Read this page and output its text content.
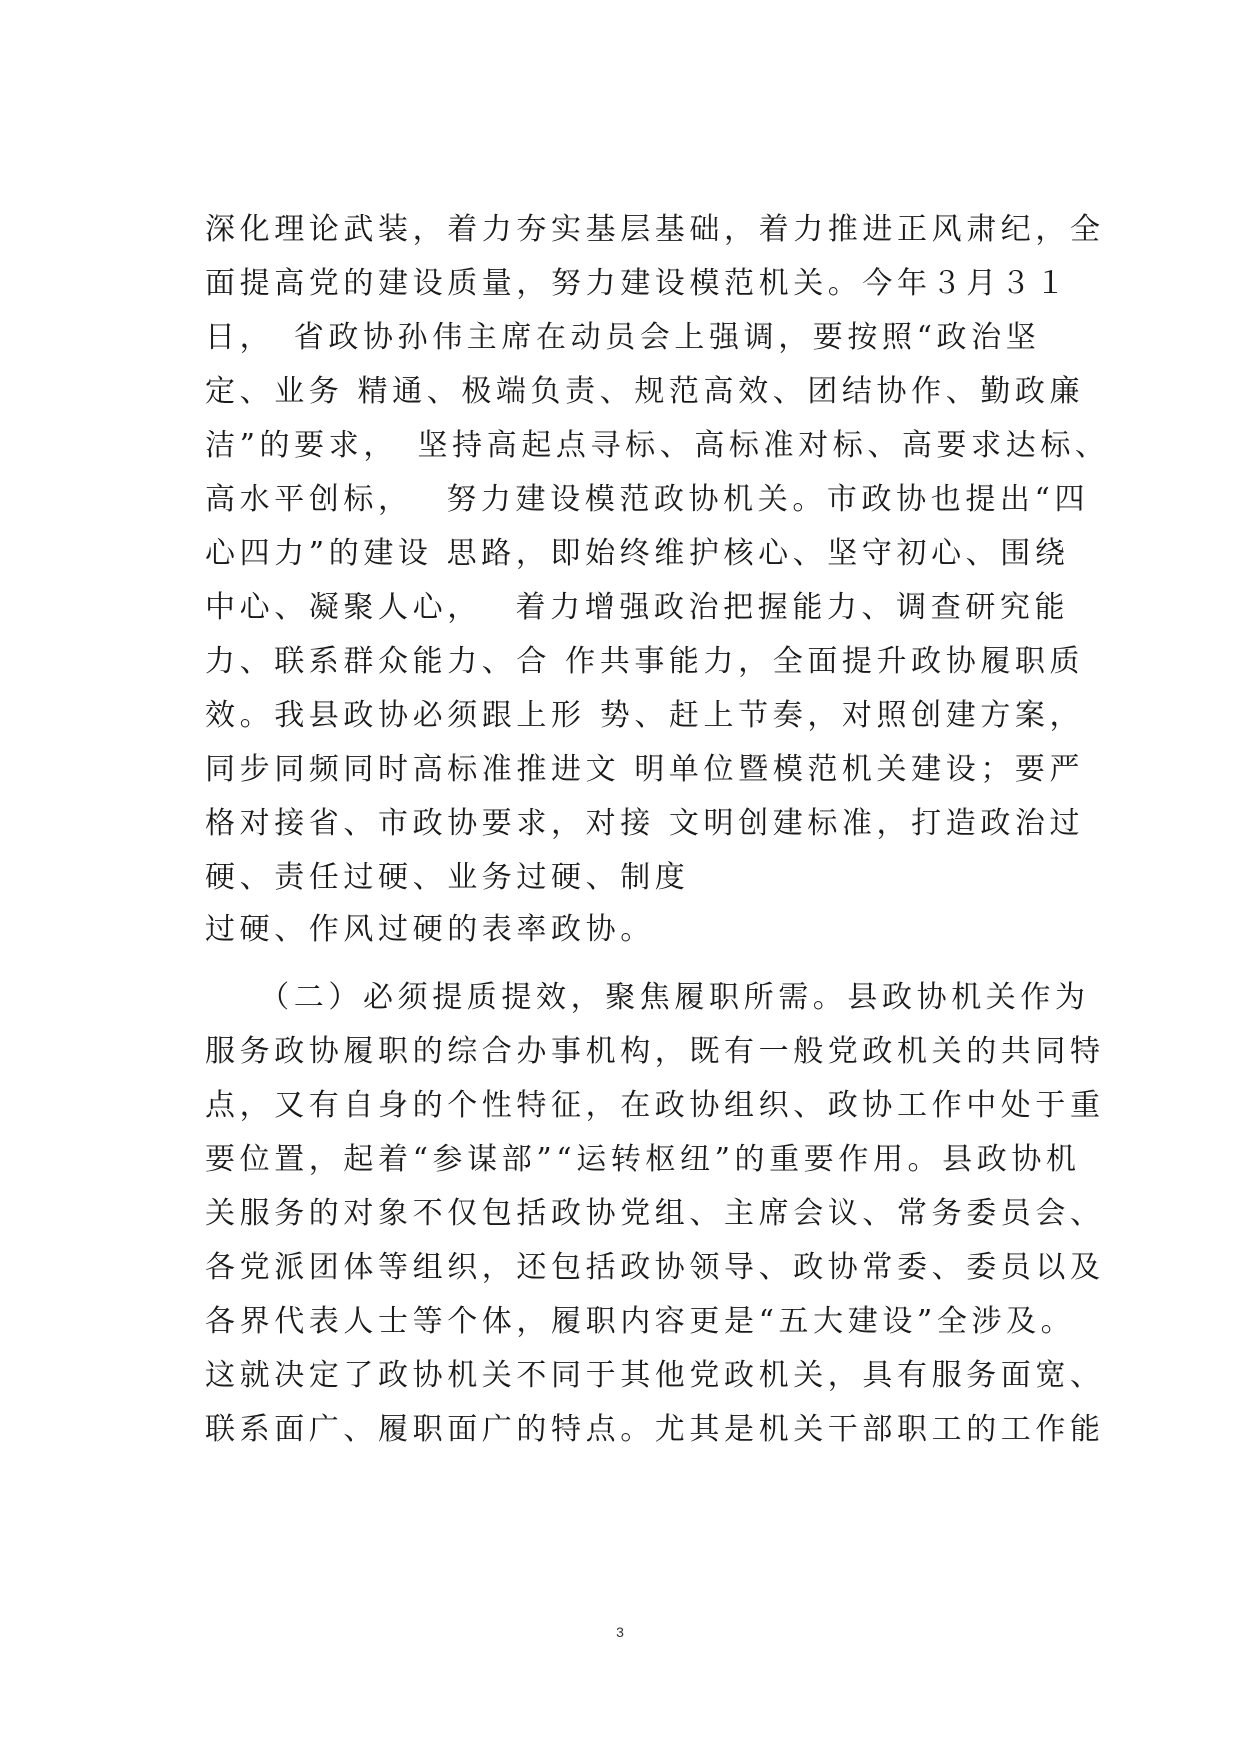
深化理论武装，着力夯实基层基础，着力推进正风肃纪，全
面提高党的建设质量，努力建设模范机关。今年３月３１
日，　省政协孙伟主席在动员会上强调，要按照“政治坚
定、业务 精通、极端负责、规范高效、团结协作、勤政廉
洁”的要求，　坚持高起点寻标、高标准对标、高要求达标、
高水平创标，　 努力建设模范政协机关。市政协也提出“四
心四力”的建设 思路，即始终维护核心、坚守初心、围绕
中心、凝聚人心，　 着力增强政治把握能力、调查研究能
力、联系群众能力、合 作共事能力，全面提升政协履职质
效。我县政协必须跟上形 势、赶上节奏，对照创建方案，
同步同频同时高标准推进文 明单位暨模范机关建设；要严
格对接省、市政协要求，对接 文明创建标准，打造政治过
硬、责任过硬、业务过硬、制度
过硬、作风过硬的表率政协。
　　（二）必须提质提效，聚焦履职所需。县政协机关作为
服务政协履职的综合办事机构，既有一般党政机关的共同特
点，又有自身的个性特征，在政协组织、政协工作中处于重
要位置，起着“参谋部”“运转枢纽”的重要作用。县政协机
关服务的对象不仅包括政协党组、主席会议、常务委员会、
各党派团体等组织，还包括政协领导、政协常委、委员以及
各界代表人士等个体，履职内容更是“五大建设”全涉及。
这就决定了政协机关不同于其他党政机关，具有服务面宽、
联系面广、履职面广的特点。尤其是机关干部职工的工作能
3
